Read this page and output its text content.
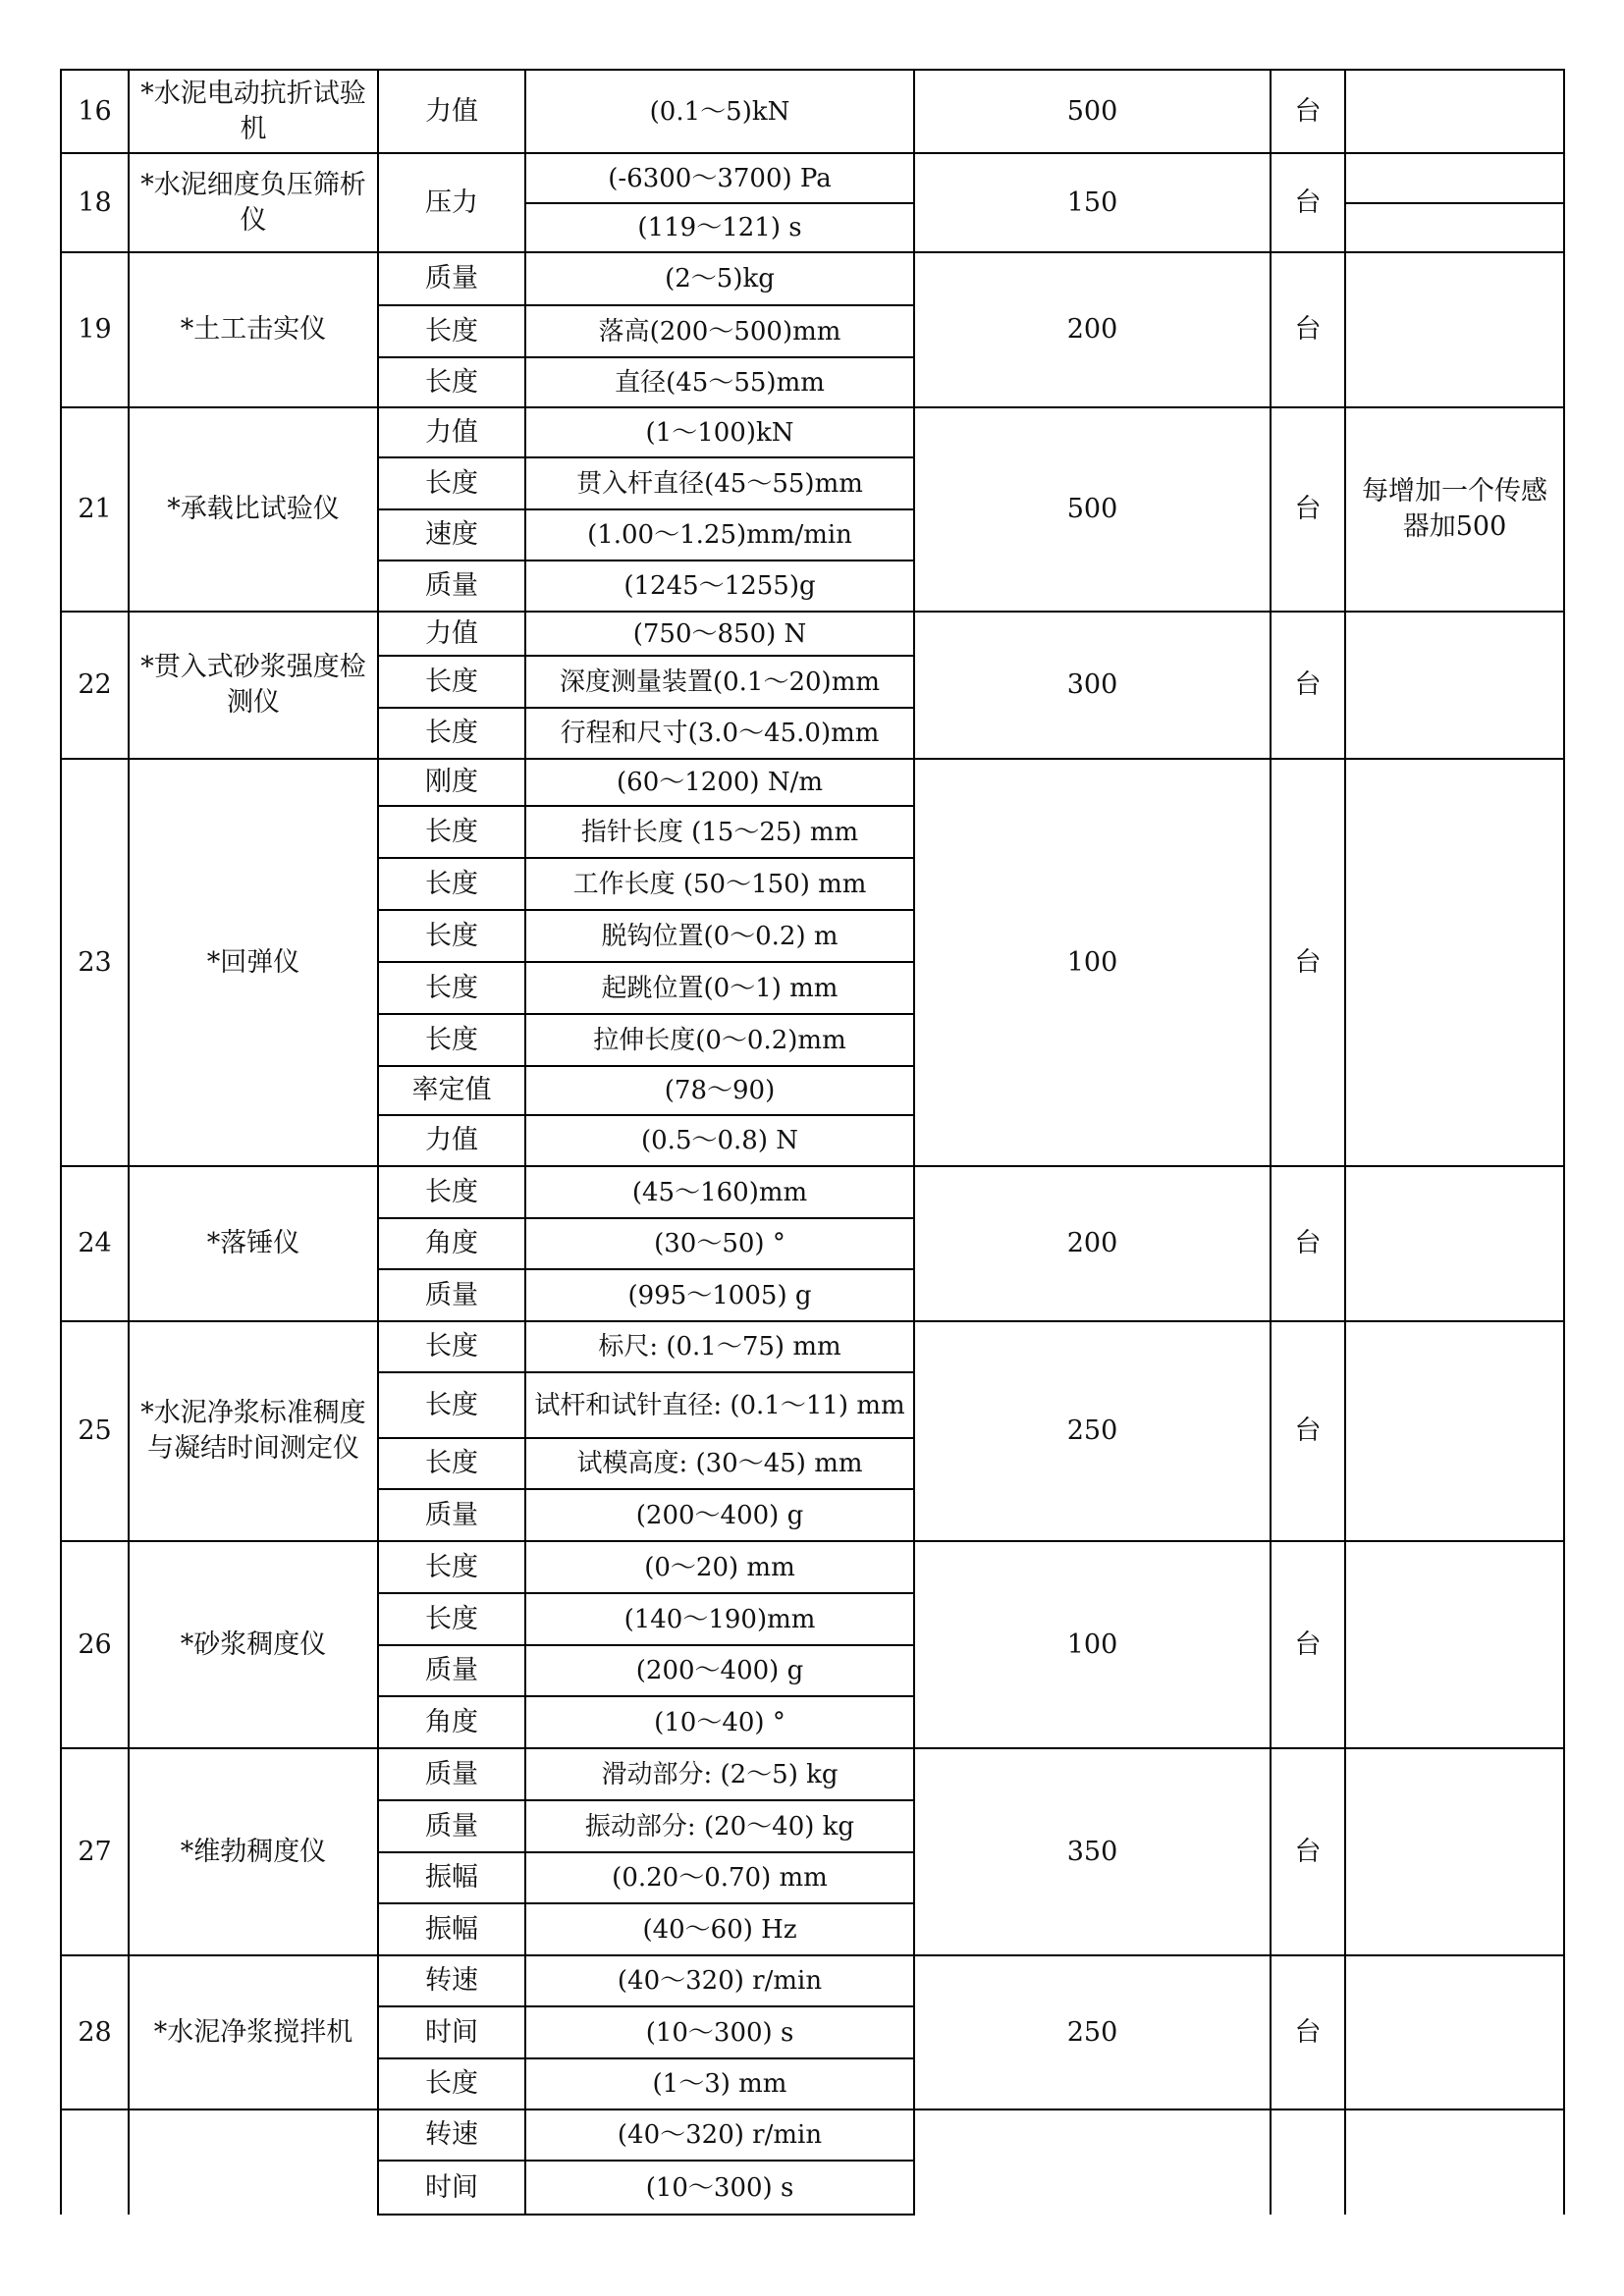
16	*水泥电动抗折试验机	力值	(0.1～5)kN	500	台	
18	*水泥细度负压筛析仪	压力	(-6300～3700) Pa	150	台	
			(119～121) s			
19	*土工击实仪	质量	(2～5)kg	200	台	
		长度	落高(200～500)mm			
		长度	直径(45～55)mm			
21	*承载比试验仪	力值	(1～100)kN	500	台	每增加一个传感器加500
		长度	贯入杆直径(45～55)mm			
		速度	(1.00～1.25)mm/min			
		质量	(1245～1255)g			
22	*贯入式砂浆强度检测仪	力值	(750～850) N	300	台	
		长度	深度测量装置(0.1～20)mm			
		长度	行程和尺寸(3.0～45.0)mm			
23	*回弹仪	刚度	(60～1200) N/m	100	台	
		长度	指针长度 (15～25) mm			
		长度	工作长度 (50～150) mm			
		长度	脱钩位置(0～0.2) m			
		长度	起跳位置(0～1) mm			
		长度	拉伸长度(0～0.2)mm			
		率定值	(78～90)			
		力值	(0.5～0.8) N			
24	*落锤仪	长度	(45～160)mm	200	台	
		角度	(30～50) °			
		质量	(995～1005) g			
25	*水泥净浆标准稠度与凝结时间测定仪	长度	标尺: (0.1～75) mm	250	台	
		长度	试杆和试针直径: (0.1～11) mm			
		长度	试模高度: (30～45) mm			
		质量	(200～400) g			
26	*砂浆稠度仪	长度	(0～20) mm	100	台	
		长度	(140～190)mm			
		质量	(200～400) g			
		角度	(10～40) °			
27	*维勃稠度仪	质量	滑动部分: (2～5) kg	350	台	
		质量	振动部分: (20～40) kg			
		振幅	(0.20～0.70) mm			
		振幅	(40～60) Hz			
28	*水泥净浆搅拌机	转速	(40～320) r/min	250	台	
		时间	(10～300) s			
		长度	(1～3) mm			
		转速	(40～320) r/min			
		时间	(10～300) s			
